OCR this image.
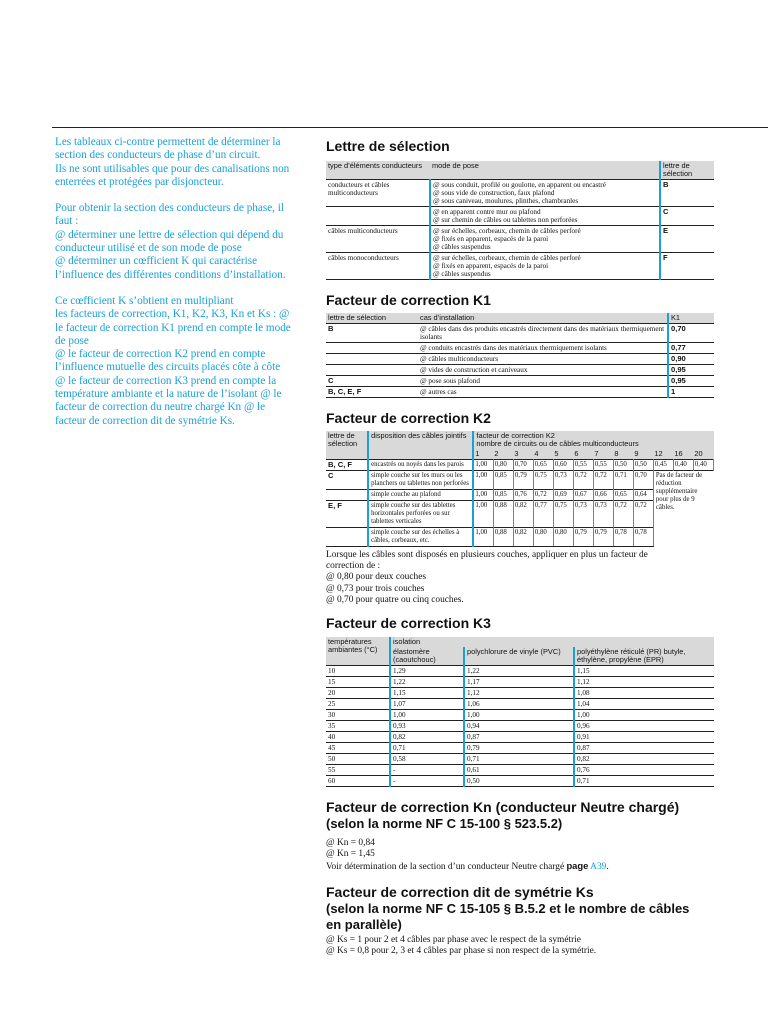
Les tableaux ci-contre permettent de déterminer la
section des conducteurs de phase d’un circuit.
Ils ne sont utilisables que pour des canalisations non
enterrées et protégées par disjoncteur.

Pour obtenir la section des conducteurs de phase, il
faut :
@ déterminer une lettre de sélection qui dépend du
conducteur utilisé et de son mode de pose
@ déterminer un cœfficient K qui caractérise
l’influence des différentes conditions d’installation.

Ce cœfficient K s’obtient en multipliant
les facteurs de correction, K1, K2, K3, Kn et Ks : @
le facteur de correction K1 prend en compte le mode
de pose
@ le facteur de correction K2 prend en compte
l’influence mutuelle des circuits placés côte à côte
@ le facteur de correction K3 prend en compte la
température ambiante et la nature de l’isolant @ le
facteur de correction du neutre chargé Kn @ le
facteur de correction dit de symétrie Ks.

Lettre de sélection
type d’éléments conducteurs	mode de pose	lettre de sélection
conducteurs et câbles multiconducteurs	@ sous conduit, profilé ou goulotte, en apparent ou encastré
@ sous vide de construction, faux plafond
@ sous caniveau, moulures, plinthes, chambranles	B

	@ en apparent contre mur ou plafond
@ sur chemin de câbles ou tablettes non perforées	C
câbles multiconducteurs	@ sur échelles, corbeaux, chemin de câbles perforé
@ fixés en apparent, espacés de la paroi
@ câbles suspendus	E
câbles monoconducteurs	@ sur échelles, corbeaux, chemin de câbles perforé
@ fixés en apparent, espacés de la paroi
@ câbles suspendus	F
Facteur de correction K1
lettre de sélection	cas d’installation	K1
B	@ câbles dans des produits encastrés directement dans des matériaux thermiquement isolants	0,70
	@ conduits encastrés dans des matériaux thermiquement isolants	0,77
	@ câbles multiconducteurs	0,90
	@ vides de construction et caniveaux	0,95
C	@ pose sous plafond	0,95
B, C, E, F	@ autres cas	1
Facteur de correction K2
lettre de sélection	disposition des câbles jointifs	facteur de correction K2
nombre de circuits ou de câbles multiconducteurs											

		1	2	3	4	5	6	7	8	9	12	16	20
B, C, F	encastrés ou noyés dans les parois	1,00	0,80	0,70	0,65	0,60	0,55	0,55	0,50	0,50	0,45	0,40	0,40
C	simple couche sur les murs ou les planchers ou tablettes non perforées	1,00	0,85	0,79	0,75	0,73	0,72	0,72	0,71	0,70	Pas de facteur de réduction supplémentaire pour plus de 9 câbles.		
	simple couche au plafond	1,00	0,85	0,76	0,72	0,69	0,67	0,66	0,65	0,64			
E, F	simple couche sur des tablettes horizontales perforées ou sur tablettes verticales	1,00	0,88	0,82	0,77	0,75	0,73	0,73	0,72	0,72			
	simple couche sur des échelles à câbles, corbeaux, etc.	1,00	0,88	0,82	0,80	0,80	0,79	0,79	0,78	0,78			
Lorsque les câbles sont disposés en plusieurs couches, appliquer en plus un facteur de
correction de :
@ 0,80 pour deux couches
@ 0,73 pour trois couches
@ 0,70 pour quatre ou cinq couches.
Facteur de correction K3
températures ambiantes (°C)	isolation		
	élastomère (caoutchouc)	polychlorure de vinyle (PVC)	polyéthylène réticulé (PR) butyle, éthylène, propylène (EPR)
10	1,29	1,22	1,15
15	1,22	1,17	1,12
20	1,15	1,12	1,08
25	1,07	1,06	1,04
30	1,00	1,00	1,00
35	0,93	0,94	0,96
40	0,82	0,87	0,91
45	0,71	0,79	0,87
50	0,58	0,71	0,82
55	-	0,61	0,76
60	-	0,50	0,71
Facteur de correction Kn (conducteur Neutre chargé)
(selon la norme NF C 15-100 § 523.5.2)
@ Kn = 0,84
@ Kn = 1,45
Voir détermination de la section d’un conducteur Neutre chargé page A39.
Facteur de correction dit de symétrie Ks
(selon la norme NF C 15-105 § B.5.2 et le nombre de câbles
en parallèle)
@ Ks = 1 pour 2 et 4 câbles par phase avec le respect de la symétrie
@ Ks = 0,8 pour 2, 3 et 4 câbles par phase si non respect de la symétrie.
